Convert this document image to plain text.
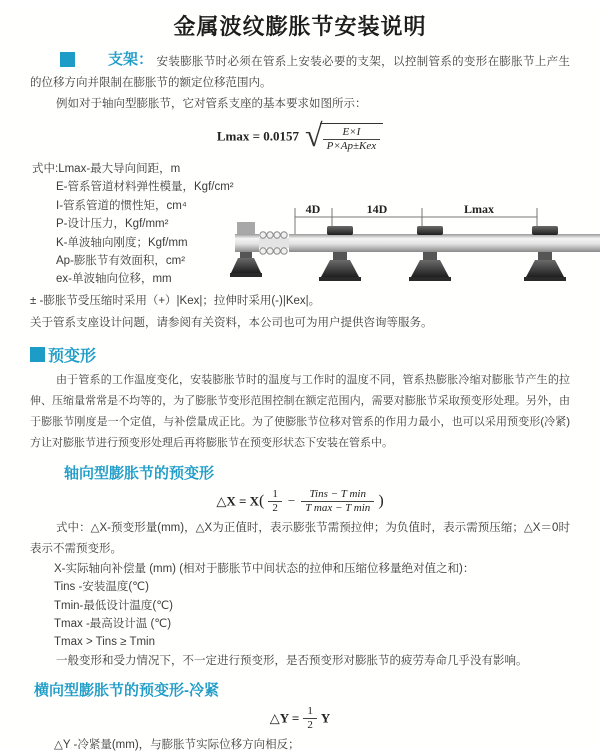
金属波纹膨胀节安装说明

支架： 安装膨胀节时必须在管系上安装必要的支架，以控制管系的变形在膨胀节上产生的位移方向并限制在膨胀节的额定位移范围内。

例如对于轴向型膨胀节，它对管系支座的基本要求如图所示：

Lmax = 0.0157 √ $\frac{E\times I}{\text{P×Ap±Kex}}$
式中:Lmax-最大导向间距，m
E-管系管道材料弹性模量，Kgf/cm²
I-管系管道的惯性矩，cm⁴
P-设计压力，Kgf/mm²
K-单波轴向刚度；Kgf/mm
Ap-膨胀节有效面积，cm²
ex-单波轴向位移，mm
± -膨胀节受压缩时采用（+）|Kex|；拉伸时采用(-)|Kex|。
关于管系支座设计问题，请参阅有关资料，本公司也可为用户提供咨询等服务。
4D	14D	Lmax
预变形

由于管系的工作温度变化，安装膨胀节时的温度与工作时的温度不同，管系热膨胀冷缩对膨胀节产生的拉伸、压缩量常常是不均等的，为了膨胀节变形范围控制在额定范围内，需要对膨胀节采取预变形处理。另外，由于膨胀节刚度是一个定值，与补偿量成正比。为了使膨胀节位移对管系的作用力最小，也可以采用预变形(冷紧)方让对膨胀节进行预变形处理后再将膨胀节在预变形状态下安装在管系中。

轴向型膨胀节的预变形
△X = $X( \frac{1}{2} - \frac{\text{Tins − T min}}{\text{T max − T min}}$ )

式中：△X-预变形量(mm)，△X为正值时，表示膨张节需预拉伸；为负值时，表示需预压缩；△X＝0时表示不需预变形。

X-实际轴向补偿量 (mm) (相对于膨胀节中间状态的拉伸和压缩位移量绝对值之和)：
Tins -安装温度(℃)
Tmin-最低设计温度(℃)
Tmax -最高设计温 (℃)
Tmax > Tins ≥ Tmin
一般变形和受力情况下，不一定进行预变形，是否预变形对膨胀节的疲劳寿命几乎没有影响。
横向型膨胀节的预变形-冷紧
△Y = $\frac{1}{2}$ Y
△Y -冷紧量(mm)，与膨胀节实际位移方向相反；
